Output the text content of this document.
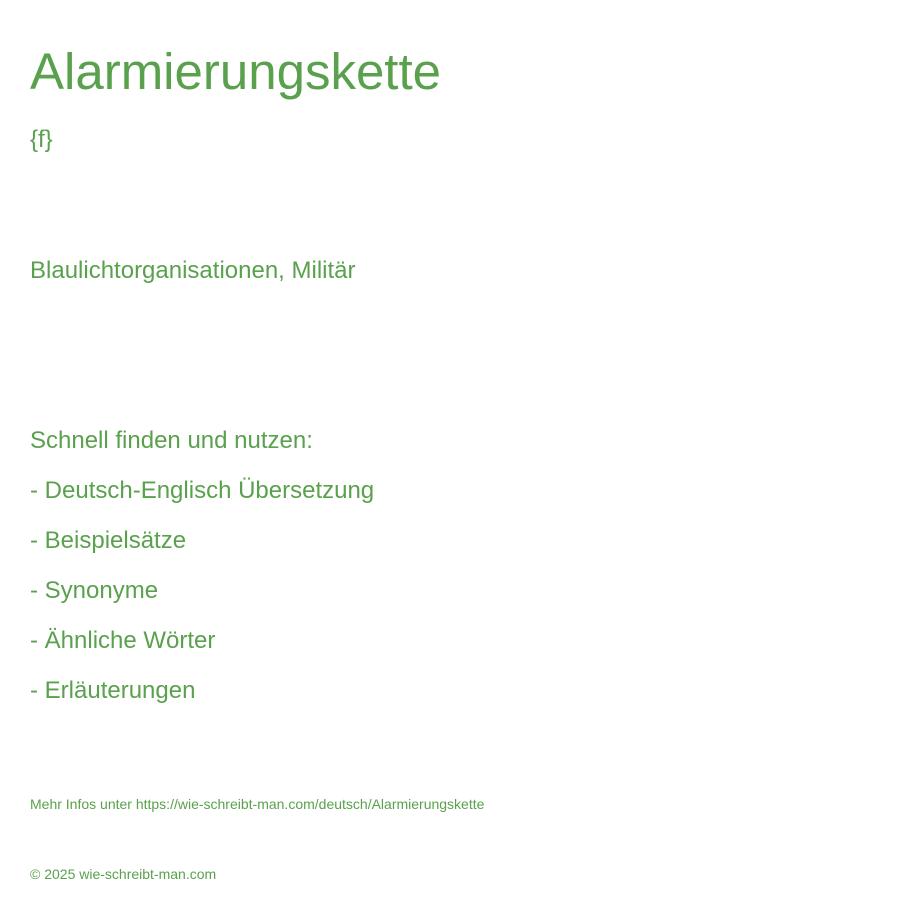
Alarmierungskette
{f}
Blaulichtorganisationen, Militär
Schnell finden und nutzen:
- Deutsch-Englisch Übersetzung
- Beispielsätze
- Synonyme
- Ähnliche Wörter
- Erläuterungen
Mehr Infos unter https://wie-schreibt-man.com/deutsch/Alarmierungskette
© 2025 wie-schreibt-man.com
